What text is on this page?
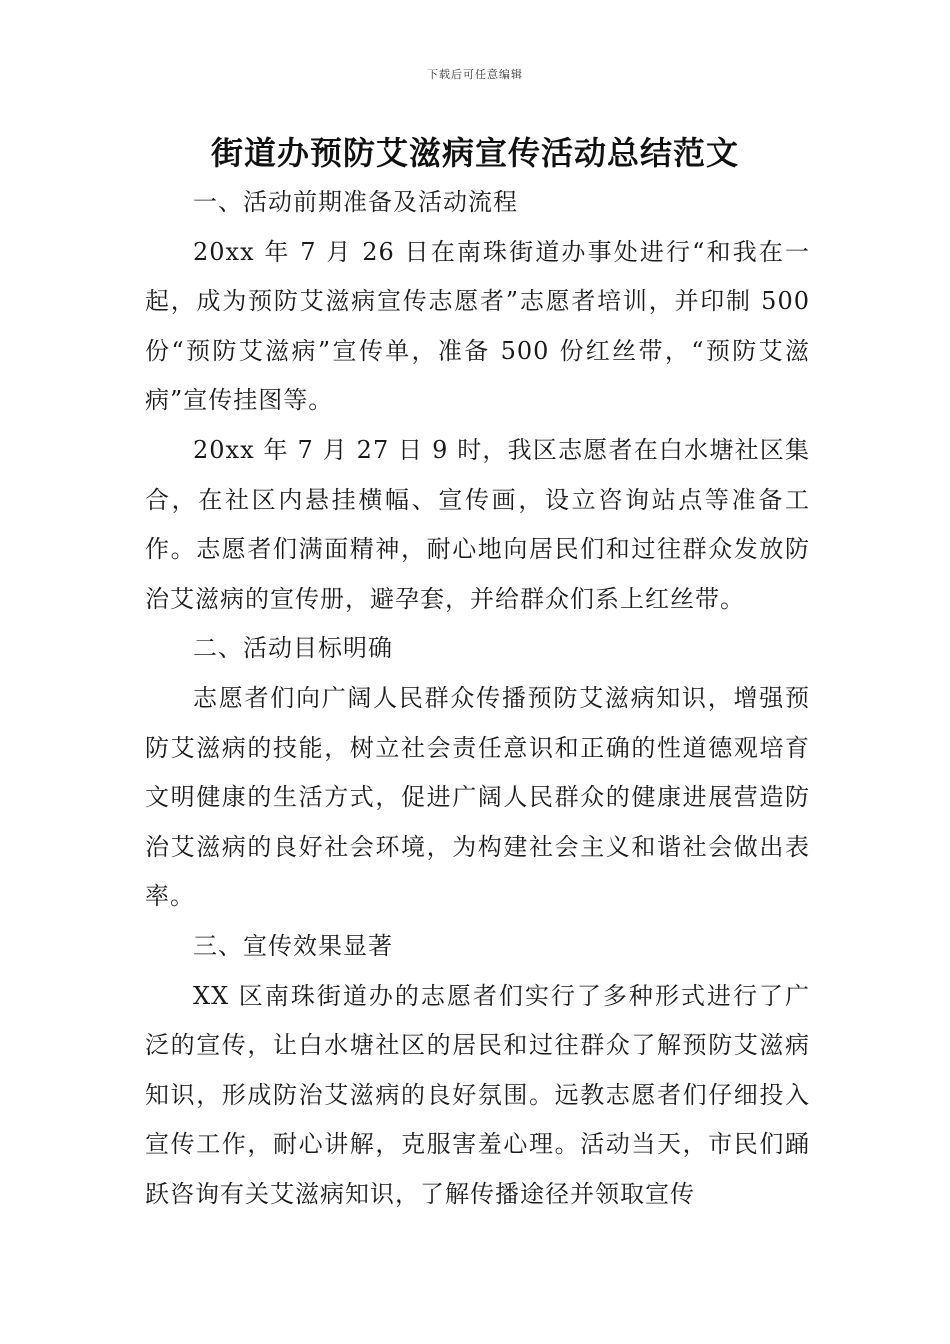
下载后可任意编辑
街道办预防艾滋病宣传活动总结范文

一、活动前期准备及活动流程

20xx 年 7 月 26 日在南珠街道办事处进行“和我在一起，成为预防艾滋病宣传志愿者”志愿者培训，并印制 500 份“预防艾滋病”宣传单，准备 500 份红丝带，“预防艾滋病”宣传挂图等。

20xx 年 7 月 27 日 9 时，我区志愿者在白水塘社区集合，在社区内悬挂横幅、宣传画，设立咨询站点等准备工作。志愿者们满面精神，耐心地向居民们和过往群众发放防治艾滋病的宣传册，避孕套，并给群众们系上红丝带。

二、活动目标明确

志愿者们向广阔人民群众传播预防艾滋病知识，增强预防艾滋病的技能，树立社会责任意识和正确的性道德观培育文明健康的生活方式，促进广阔人民群众的健康进展营造防治艾滋病的良好社会环境，为构建社会主义和谐社会做出表率。

三、宣传效果显著

XX 区南珠街道办的志愿者们实行了多种形式进行了广泛的宣传，让白水塘社区的居民和过往群众了解预防艾滋病知识，形成防治艾滋病的良好氛围。远教志愿者们仔细投入宣传工作，耐心讲解，克服害羞心理。活动当天，市民们踊跃咨询有关艾滋病知识，了解传播途径并领取宣传
